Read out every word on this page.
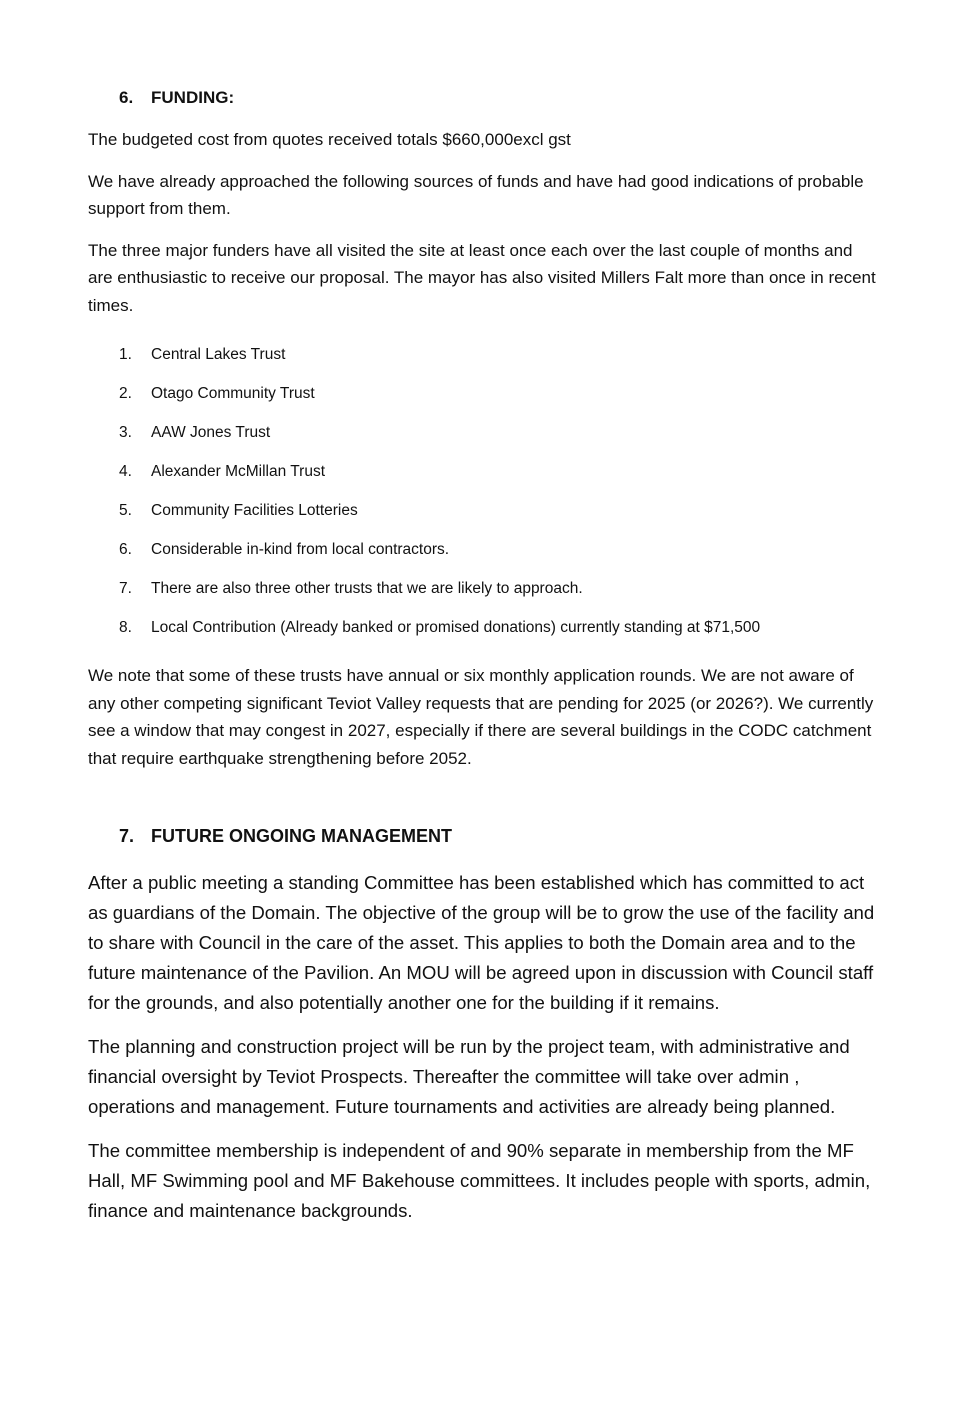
6.	FUNDING:

The budgeted cost from quotes received totals $660,000excl gst

We have already approached the following sources of funds and have had good indications of probable support from them.

The three major funders have all visited the site at least once each over the last couple of months and are enthusiastic to receive our proposal. The mayor has also visited Millers Falt more than once in recent times.

1.	Central Lakes Trust
2.	Otago Community Trust
3.	AAW Jones Trust
4.	Alexander McMillan Trust
5.	Community Facilities Lotteries
6.	Considerable in-kind from local contractors.
7.	There are also three other trusts that we are likely to approach.
8.	Local Contribution (Already banked or promised donations) currently standing at $71,500

We note that some of these trusts have annual or six monthly application rounds. We are not aware of any other competing significant Teviot Valley requests that are pending for 2025 (or 2026?). We currently see a window that may congest in 2027, especially if there are several buildings in the CODC catchment that require earthquake strengthening before 2052.

7. FUTURE ONGOING MANAGEMENT

After a public meeting a standing Committee has been established which has committed to act as guardians of the Domain. The objective of the group will be to grow the use of the facility and to share with Council in the care of the asset. This applies to both the Domain area and to the future maintenance of the Pavilion. An MOU will be agreed upon in discussion with Council staff for the grounds, and also potentially another one for the building if it remains.

The planning and construction project will be run by the project team, with administrative and financial oversight by Teviot Prospects. Thereafter the committee will take over admin , operations and management. Future tournaments and activities are already being planned.

The committee membership is independent of and 90% separate in membership from the MF Hall, MF Swimming pool and MF Bakehouse committees. It includes people with sports, admin, finance and maintenance backgrounds.
